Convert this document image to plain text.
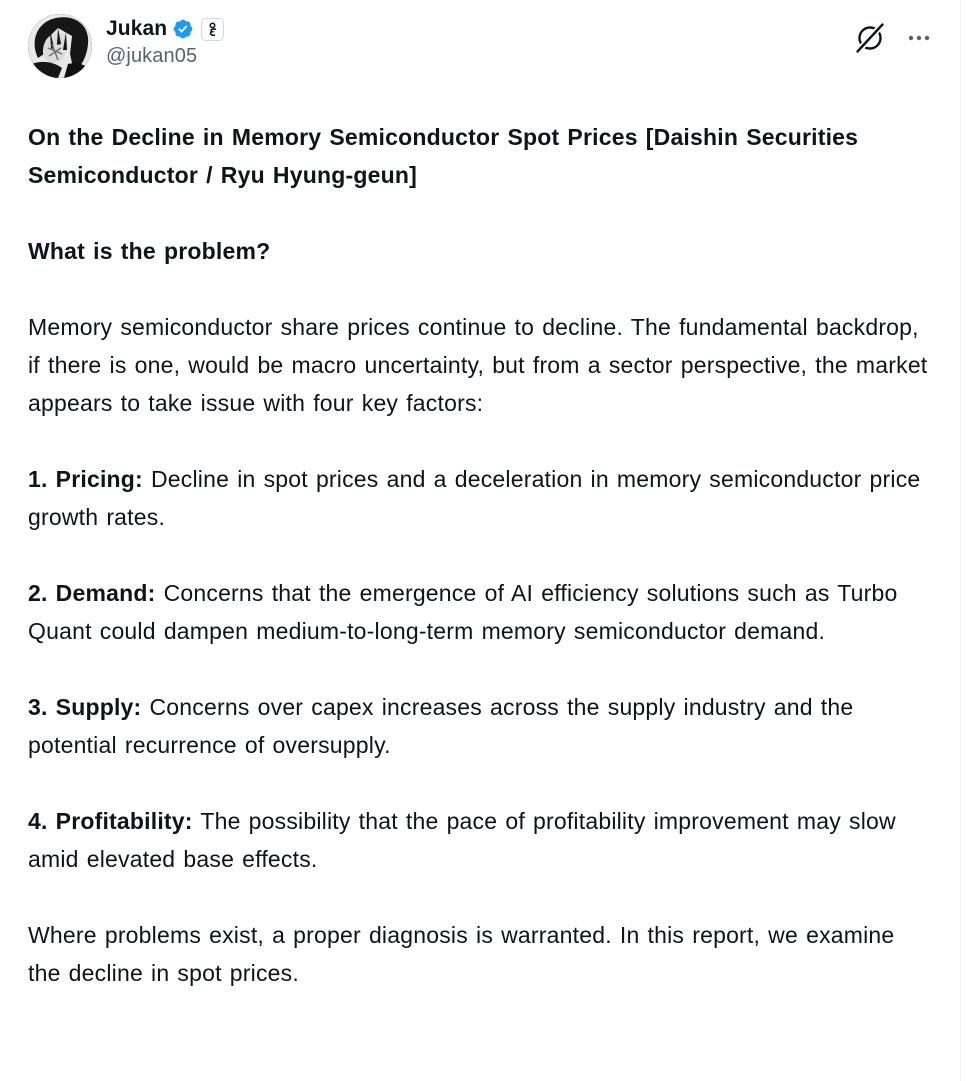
Jukan
@jukan05

On the Decline in Memory Semiconductor Spot Prices [Daishin Securities Semiconductor / Ryu Hyung-geun]

What is the problem?

Memory semiconductor share prices continue to decline. The fundamental backdrop, if there is one, would be macro uncertainty, but from a sector perspective, the market appears to take issue with four key factors:

1. Pricing: Decline in spot prices and a deceleration in memory semiconductor price growth rates.

2. Demand: Concerns that the emergence of AI efficiency solutions such as Turbo Quant could dampen medium-to-long-term memory semiconductor demand.

3. Supply: Concerns over capex increases across the supply industry and the potential recurrence of oversupply.

4. Profitability: The possibility that the pace of profitability improvement may slow amid elevated base effects.

Where problems exist, a proper diagnosis is warranted. In this report, we examine the decline in spot prices.
